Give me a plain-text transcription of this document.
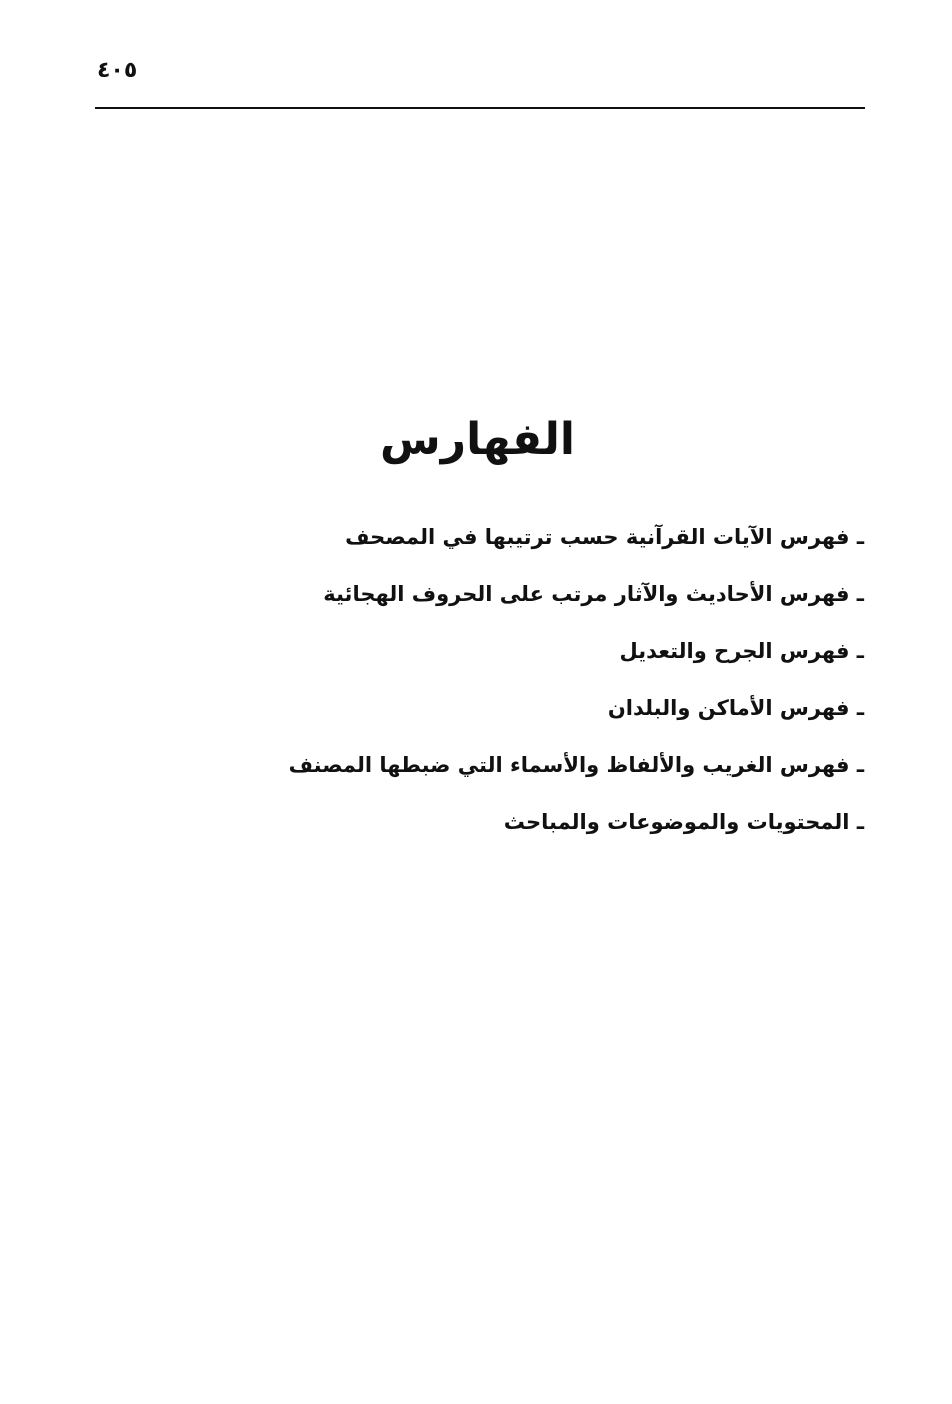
٤٠٥
الفهارس
ـ فهرس الآيات القرآنية حسب ترتيبها في المصحف
ـ فهرس الأحاديث والآثار مرتب على الحروف الهجائية
ـ فهرس الجرح والتعديل
ـ فهرس الأماكن والبلدان
ـ فهرس الغريب والألفاظ والأسماء التي ضبطها المصنف
ـ المحتويات والموضوعات والمباحث
